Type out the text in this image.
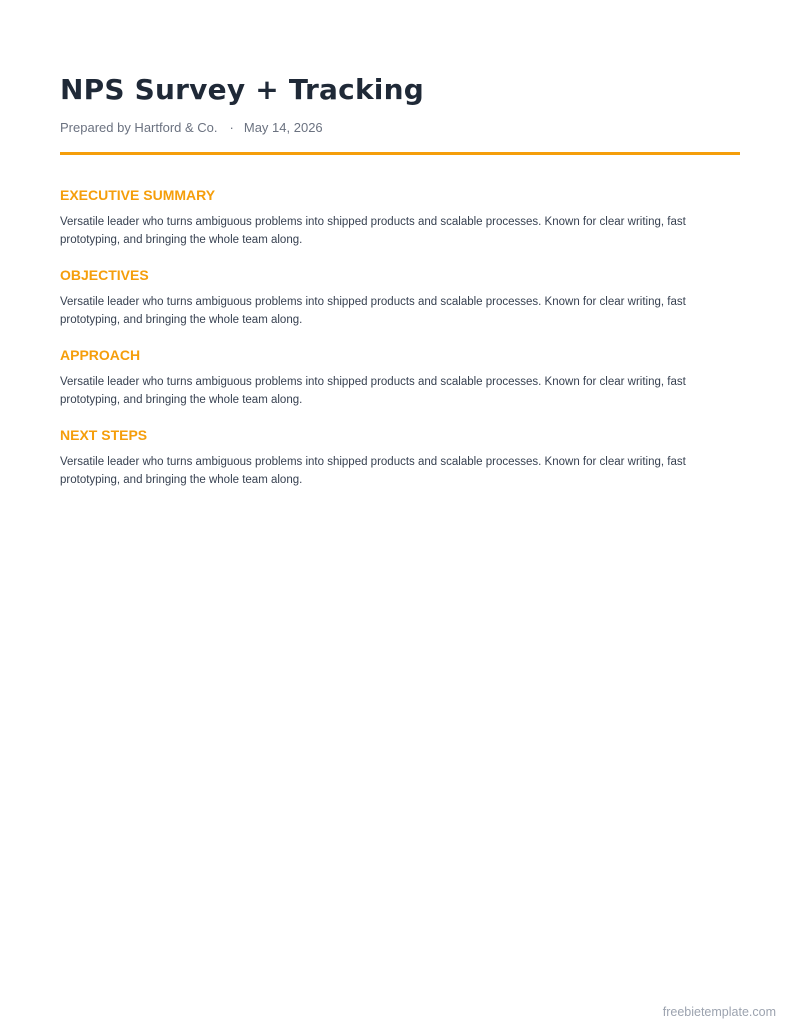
NPS Survey + Tracking
Prepared by Hartford & Co. · May 14, 2026
EXECUTIVE SUMMARY

Versatile leader who turns ambiguous problems into shipped products and scalable processes. Known for clear writing, fast prototyping, and bringing the whole team along.

OBJECTIVES

Versatile leader who turns ambiguous problems into shipped products and scalable processes. Known for clear writing, fast prototyping, and bringing the whole team along.

APPROACH

Versatile leader who turns ambiguous problems into shipped products and scalable processes. Known for clear writing, fast prototyping, and bringing the whole team along.

NEXT STEPS

Versatile leader who turns ambiguous problems into shipped products and scalable processes. Known for clear writing, fast prototyping, and bringing the whole team along.

freebietemplate.com
